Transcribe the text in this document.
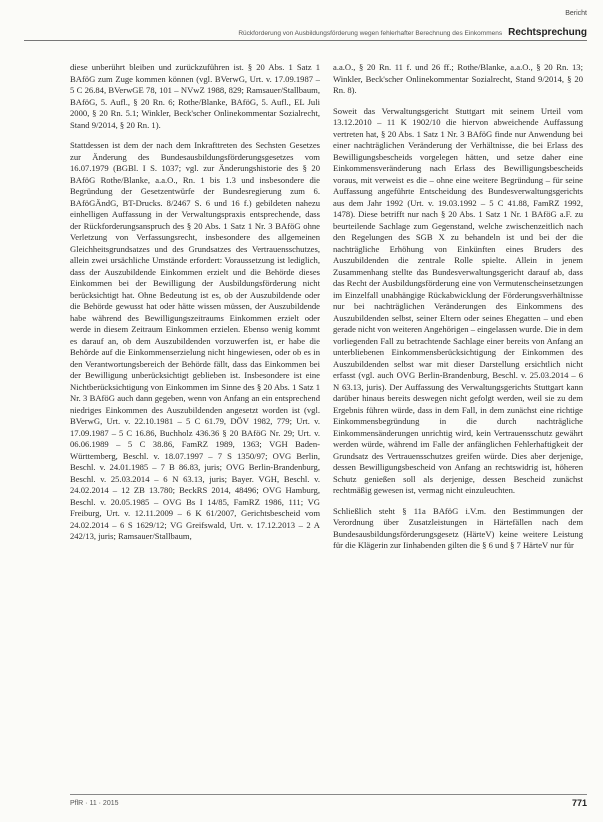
Bericht
Rückforderung von Ausbildungsförderung wegen fehlerhafter Berechnung des Einkommens Rechtsprechung

diese unberührt bleiben und zurückzuführen ist. § 20 Abs. 1 Satz 1 BAföG zum Zuge kommen können (vgl. BVerwG, Urt. v. 17.09.1987 – 5 C 26.84, BVerwGE 78, 101 – NVwZ 1988, 829; Ramsauer/Stallbaum, BAföG, 5. Aufl., § 20 Rn. 6; Rothe/Blanke, BAföG, 5. Aufl., EL Juli 2000, § 20 Rn. 5.1; Winkler, Beck'scher Onlinekommentar Sozialrecht, Stand 9/2014, § 20 Rn. 1).

Stattdessen ist dem der nach dem Inkrafttreten des Sechsten Gesetzes zur Änderung des Bundesausbildungsförderungsgesetzes vom 16.07.1979 (BGBl. I S. 1037; vgl. zur Änderungshistorie des § 20 BAföG Rothe/Blanke, a.a.O., Rn. 1 bis 1.3 und insbesondere die Begründung der Gesetzentwürfe der Bundesregierung zum 6. BAföGÄndG, BT-Drucks. 8/2467 S. 6 und 16 f.) gebildeten nahezu einhelligen Auffassung in der Verwaltungspraxis entsprechende, dass der Rückforderungsanspruch des § 20 Abs. 1 Satz 1 Nr. 3 BAföG ohne Verletzung von Verfassungsrecht, insbesondere des allgemeinen Gleichheitsgrundsatzes und des Grundsatzes des Vertrauensschutzes, allein zwei ursächliche Umstände erfordert: Voraussetzung ist lediglich, dass der Auszubildende Einkommen erzielt und die Behörde dieses Einkommen bei der Bewilligung der Ausbildungsförderung nicht berücksichtigt hat. Ohne Bedeutung ist es, ob der Auszubildende oder die Behörde gewusst hat oder hätte wissen müssen, der Auszubildende habe während des Bewilligungszeitraums Einkommen erzielt oder werde in diesem Zeitraum Einkommen erzielen. Ebenso wenig kommt es darauf an, ob dem Auszubildenden vorzuwerfen ist, er habe die Behörde auf die Einkommenserzielung nicht hingewiesen, oder ob es in den Verantwortungsbereich der Behörde fällt, dass das Einkommen bei der Bewilligung unberücksichtigt geblieben ist. Insbesondere ist eine Nichtberücksichtigung von Einkommen im Sinne des § 20 Abs. 1 Satz 1 Nr. 3 BAföG auch dann gegeben, wenn von Anfang an ein entsprechend niedriges Einkommen des Auszubildenden angesetzt worden ist (vgl. BVerwG, Urt. v. 22.10.1981 – 5 C 61.79, DÖV 1982, 779; Urt. v. 17.09.1987 – 5 C 16.86, Buchholz 436.36 § 20 BAföG Nr. 29; Urt. v. 06.06.1989 – 5 C 38.86, FamRZ 1989, 1363; VGH Baden-Württemberg, Beschl. v. 18.07.1997 – 7 S 1350/97; OVG Berlin, Beschl. v. 24.01.1985 – 7 B 86.83, juris; OVG Berlin-Brandenburg, Beschl. v. 25.03.2014 – 6 N 63.13, juris; Bayer. VGH, Beschl. v. 24.02.2014 – 12 ZB 13.780; BeckRS 2014, 48496; OVG Hamburg, Beschl. v. 20.05.1985 – OVG Bs I 14/85, FamRZ 1986, 111; VG Freiburg, Urt. v. 12.11.2009 – 6 K 61/2007, Gerichtsbescheid vom 24.02.2014 – 6 S 1629/12; VG Greifswald, Urt. v. 17.12.2013 – 2 A 242/13, juris; Ramsauer/Stallbaum,

a.a.O., § 20 Rn. 11 f. und 26 ff.; Rothe/Blanke, a.a.O., § 20 Rn. 13; Winkler, Beck'scher Onlinekommentar Sozialrecht, Stand 9/2014, § 20 Rn. 8).

Soweit das Verwaltungsgericht Stuttgart mit seinem Urteil vom 13.12.2010 – 11 K 1902/10 die hiervon abweichende Auffassung vertreten hat, § 20 Abs. 1 Satz 1 Nr. 3 BAföG finde nur Anwendung bei einer nachträglichen Veränderung der Verhältnisse, die bei Erlass des Bewilligungsbescheids vorgelegen hätten, und setze daher eine Einkommensveränderung nach Erlass des Bewilligungsbescheids voraus, mit verweist es die – ohne eine weitere Begründung – für seine Auffassung angeführte Entscheidung des Bundesverwaltungsgerichts aus dem Jahr 1992 (Urt. v. 19.03.1992 – 5 C 41.88, FamRZ 1992, 1478). Diese betrifft nur nach § 20 Abs. 1 Satz 1 Nr. 1 BAföG a.F. zu beurteilende Sachlage zum Gegenstand, welche zwischenzeitlich nach den Regelungen des SGB X zu behandeln ist und bei der die nachträgliche Erhöhung von Einkünften eines Bruders des Auszubildenden die zentrale Rolle spielte. Allein in jenem Zusammenhang stellte das Bundesverwaltungsgericht darauf ab, dass das Recht der Ausbildungsförderung eine von Vermutenscheinsetzungen im Einzelfall unabhängige Rückabwicklung der Förderungsverhältnisse nur bei nachträglichen Veränderungen des Einkommens des Auszubildenden selbst, seiner Eltern oder seines Ehegatten – und eben gerade nicht von weiteren Angehörigen – eingelassen wurde. Die in dem vorliegenden Fall zu betrachtende Sachlage einer bereits von Anfang an unterbliebenen Einkommensberücksichtigung der Einkommen des Auszubildenden selbst war mit dieser Darstellung ersichtlich nicht erfasst (vgl. auch OVG Berlin-Brandenburg, Beschl. v. 25.03.2014 – 6 N 63.13, juris). Der Auffassung des Verwaltungsgerichts Stuttgart kann darüber hinaus bereits deswegen nicht gefolgt werden, weil sie zu dem Ergebnis führen würde, dass in dem Fall, in dem zunächst eine richtige Einkommensbegründung in die durch nachträgliche Einkommensänderungen unrichtig wird, kein Vertrauensschutz gewährt werden würde, während im Falle der anfänglichen Fehlerhaftigkeit der Grundsatz des Vertrauensschutzes greifen würde. Dies aber derjenige, dessen Bewilligungsbescheid von Anfang an rechtswidrig ist, höheren Schutz genießen soll als derjenige, dessen Bescheid zunächst rechtmäßig gewesen ist, vermag nicht einzuleuchten.

Schließlich steht § 11a BAföG i.V.m. den Bestimmungen der Verordnung über Zusatzleistungen in Härtefällen nach dem Bundesausbildungsförderungsgesetz (HärteV) keine weitere Leistung für die Klägerin zur Iinhabenden gilten die § 6 und § 7 HärteV nur für

PflR · 11 · 2015	771
